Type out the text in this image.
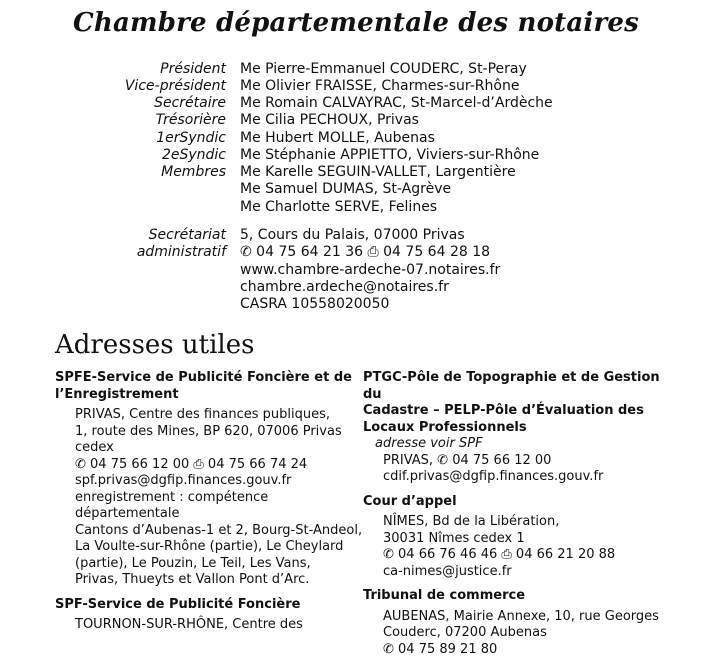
Chambre départementale des notaires
Président Me Pierre-Emmanuel COUDERC, St-Peray
Vice-président Me Olivier FRAISSE, Charmes-sur-Rhône
Secrétaire Me Romain CALVAYRAC, St-Marcel-d’Ardèche
Trésorière Me Cilia PECHOUX, Privas
1erSyndic Me Hubert MOLLE, Aubenas
2eSyndic Me Stéphanie APPIETTO, Viviers-sur-Rhône
Membres Me Karelle SEGUIN-VALLET, Largentière
Me Samuel DUMAS, St-Agrève
Me Charlotte SERVE, Felines
Secrétariat 5, Cours du Palais, 07000 Privas
administratif ✆ 04 75 64 21 36 ⎙ 04 75 64 28 18
www.chambre-ardeche-07.notaires.fr
chambre.ardeche@notaires.fr
CASRA 10558020050
Adresses utiles
SPFE-Service de Publicité Foncière et de
l’Enregistrement
PRIVAS, Centre des finances publiques,
1, route des Mines, BP 620, 07006 Privas
cedex
✆ 04 75 66 12 00 ⎙ 04 75 66 74 24
spf.privas@dgfip.finances.gouv.fr
enregistrement : compétence
départementale
Cantons d’Aubenas-1 et 2, Bourg-St-Andeol,
La Voulte-sur-Rhône (partie), Le Cheylard
(partie), Le Pouzin, Le Teil, Les Vans,
Privas, Thueyts et Vallon Pont d’Arc.
SPF-Service de Publicité Foncière
TOURNON-SUR-RHÔNE, Centre des
PTGC-Pôle de Topographie et de Gestion du
Cadastre – PELP-Pôle d’Évaluation des
Locaux Professionnels
adresse voir SPF
PRIVAS, ✆ 04 75 66 12 00
cdif.privas@dgfip.finances.gouv.fr
Cour d’appel
NÎMES, Bd de la Libération,
30031 Nîmes cedex 1
✆ 04 66 76 46 46 ⎙ 04 66 21 20 88
ca-nimes@justice.fr
Tribunal de commerce
AUBENAS, Mairie Annexe, 10, rue Georges
Couderc, 07200 Aubenas
✆ 04 75 89 21 80
